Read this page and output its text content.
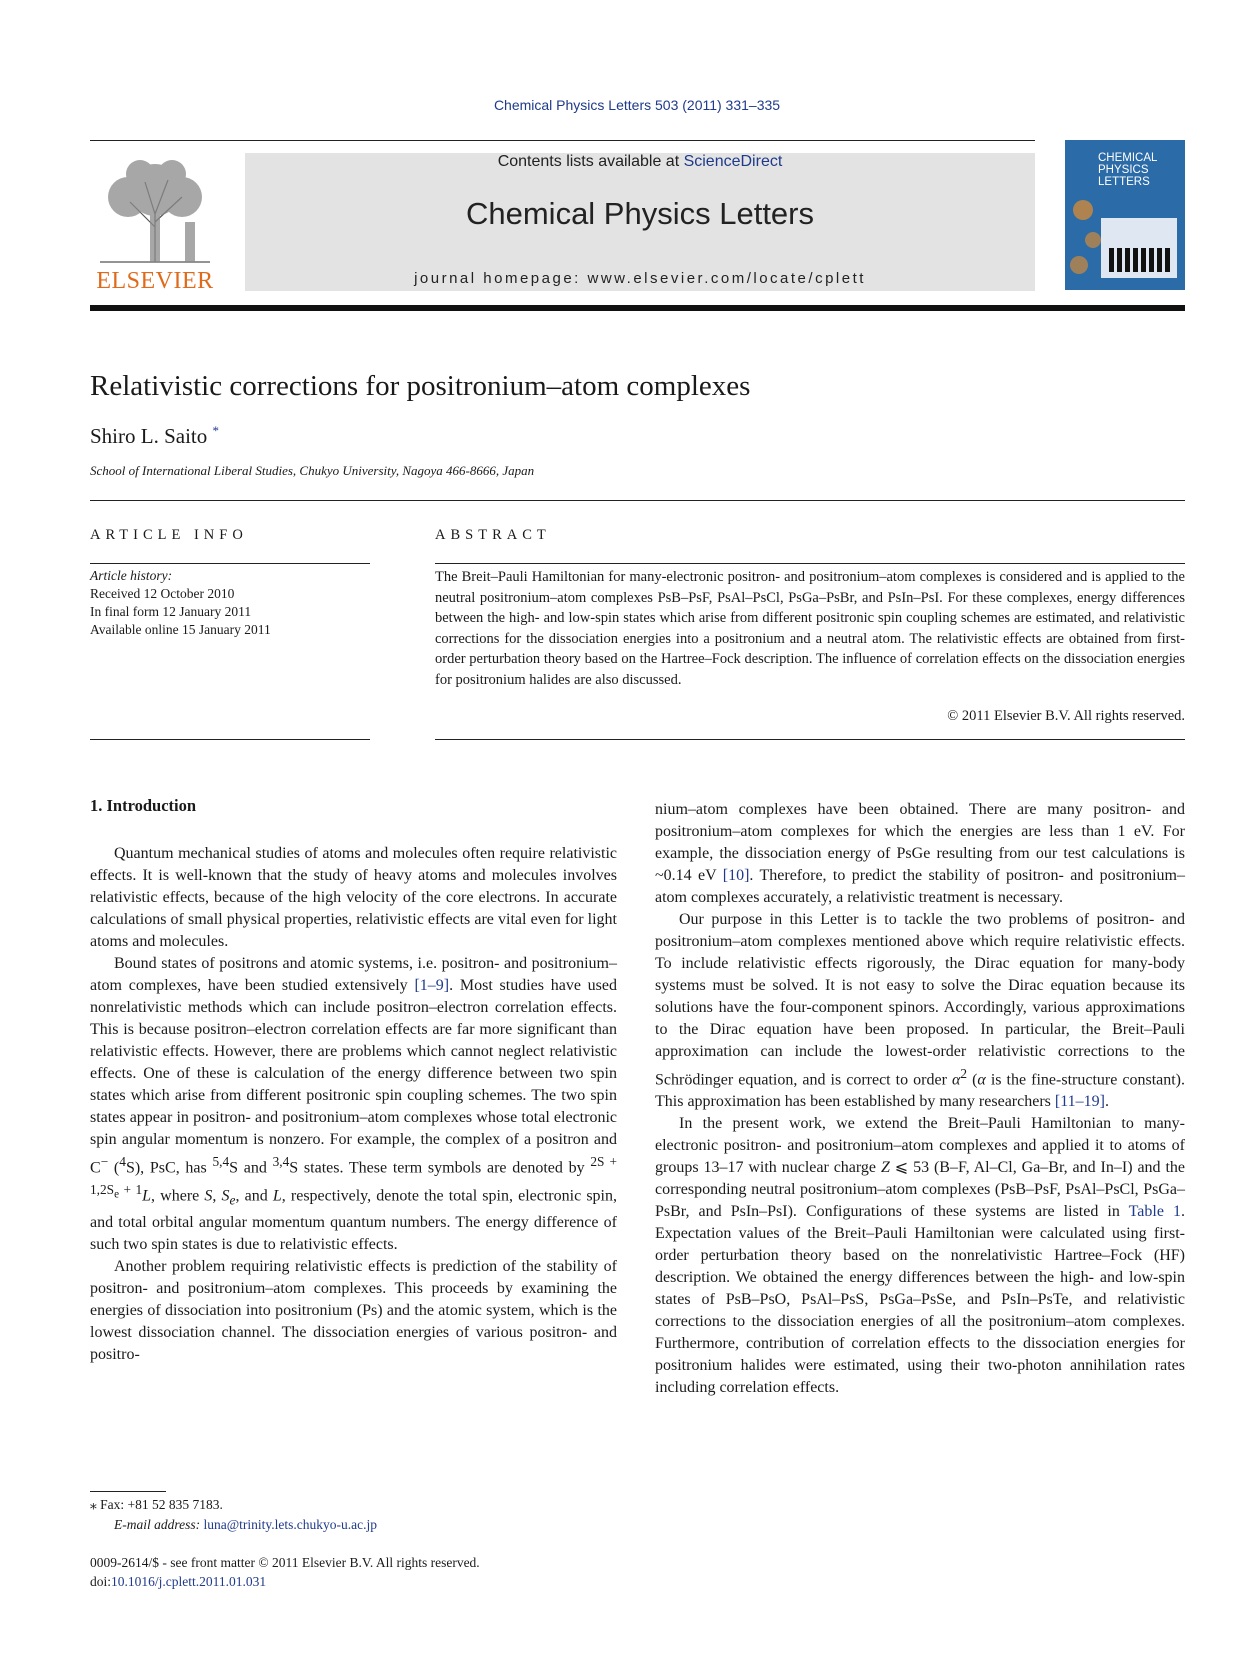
Chemical Physics Letters 503 (2011) 331–335
ELSEVIER
Contents lists available at ScienceDirect
Chemical Physics Letters
journal homepage: www.elsevier.com/locate/cplett
CHEMICAL
PHYSICS
LETTERS
Relativistic corrections for positronium–atom complexes
Shiro L. Saito *
School of International Liberal Studies, Chukyo University, Nagoya 466-8666, Japan
ARTICLE INFO	ABSTRACT
Article history:
Received 12 October 2010
In final form 12 January 2011
Available online 15 January 2011
The Breit–Pauli Hamiltonian for many-electronic positron- and positronium–atom complexes is considered and is applied to the neutral positronium–atom complexes PsB–PsF, PsAl–PsCl, PsGa–PsBr, and PsIn–PsI. For these complexes, energy differences between the high- and low-spin states which arise from different positronic spin coupling schemes are estimated, and relativistic corrections for the dissociation energies into a positronium and a neutral atom. The relativistic effects are obtained from first-order perturbation theory based on the Hartree–Fock description. The influence of correlation effects on the dissociation energies for positronium halides are also discussed.
© 2011 Elsevier B.V. All rights reserved.
1. Introduction

Quantum mechanical studies of atoms and molecules often require relativistic effects. It is well-known that the study of heavy atoms and molecules involves relativistic effects, because of the high velocity of the core electrons. In accurate calculations of small physical properties, relativistic effects are vital even for light atoms and molecules.

Bound states of positrons and atomic systems, i.e. positron- and positronium–atom complexes, have been studied extensively [1–9]. Most studies have used nonrelativistic methods which can include positron–electron correlation effects. This is because positron–electron correlation effects are far more significant than relativistic effects. However, there are problems which cannot neglect relativistic effects. One of these is calculation of the energy difference between two spin states which arise from different positronic spin coupling schemes. The two spin states appear in positron- and positronium–atom complexes whose total electronic spin angular momentum is nonzero. For example, the complex of a positron and C− ($^4$S), PsC, has $^{5,4}$S and $^{3,4}$S states. These term symbols are denoted by $^{2S + 1,2S_e + 1}$L, where S, $S_e$, and L, respectively, denote the total spin, electronic spin, and total orbital angular momentum quantum numbers. The energy difference of such two spin states is due to relativistic effects.

Another problem requiring relativistic effects is prediction of the stability of positron- and positronium–atom complexes. This proceeds by examining the energies of dissociation into positronium (Ps) and the atomic system, which is the lowest dissociation channel. The dissociation energies of various positron- and positro-

nium–atom complexes have been obtained. There are many positron- and positronium–atom complexes for which the energies are less than 1 eV. For example, the dissociation energy of PsGe resulting from our test calculations is ~0.14 eV [10]. Therefore, to predict the stability of positron- and positronium–atom complexes accurately, a relativistic treatment is necessary.

Our purpose in this Letter is to tackle the two problems of positron- and positronium–atom complexes mentioned above which require relativistic effects. To include relativistic effects rigorously, the Dirac equation for many-body systems must be solved. It is not easy to solve the Dirac equation because its solutions have the four-component spinors. Accordingly, various approximations to the Dirac equation have been proposed. In particular, the Breit–Pauli approximation can include the lowest-order relativistic corrections to the Schrödinger equation, and is correct to order $\alpha^2$ (α is the fine-structure constant). This approximation has been established by many researchers [11–19].

In the present work, we extend the Breit–Pauli Hamiltonian to many-electronic positron- and positronium–atom complexes and applied it to atoms of groups 13–17 with nuclear charge Z ⩽ 53 (B–F, Al–Cl, Ga–Br, and In–I) and the corresponding neutral positronium–atom complexes (PsB–PsF, PsAl–PsCl, PsGa–PsBr, and PsIn–PsI). Configurations of these systems are listed in Table 1. Expectation values of the Breit–Pauli Hamiltonian were calculated using first-order perturbation theory based on the nonrelativistic Hartree–Fock (HF) description. We obtained the energy differences between the high- and low-spin states of PsB–PsO, PsAl–PsS, PsGa–PsSe, and PsIn–PsTe, and relativistic corrections to the dissociation energies of all the positronium–atom complexes. Furthermore, contribution of correlation effects to the dissociation energies for positronium halides were estimated, using their two-photon annihilation rates including correlation effects.

⁎ Fax: +81 52 835 7183.
E-mail address: luna@trinity.lets.chukyo-u.ac.jp
0009-2614/$ - see front matter © 2011 Elsevier B.V. All rights reserved.
doi:10.1016/j.cplett.2011.01.031
